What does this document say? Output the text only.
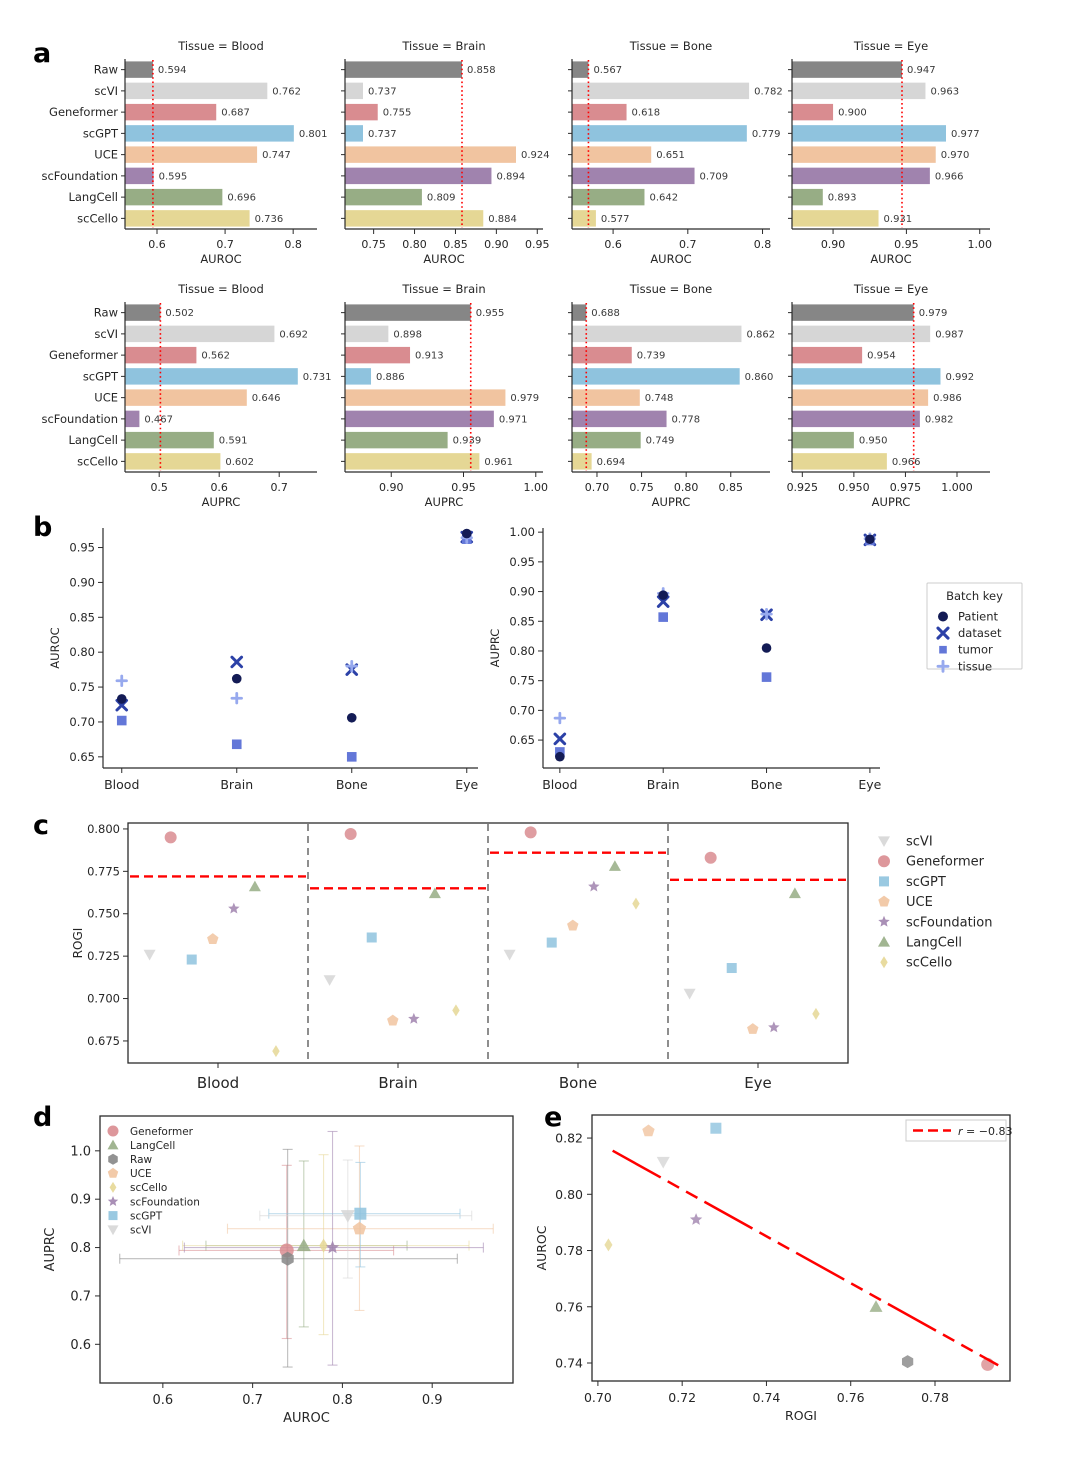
a
b
c
d	e
Tissue = Blood
0.594
Raw
0.762
scVI
0.687
Geneformer
0.801
scGPT
0.747
UCE
0.595
scFoundation
0.696
LangCell
0.736
scCello
0.6	0.7	0.8
AUROC
Tissue = Brain
0.858
0.737
0.755
0.737
0.924
0.894
0.809
0.884
0.75 0.80 0.85 0.90 0.95
AUROC
Tissue = Bone
0.567
0.782
0.618
0.779
0.651
0.709
0.642
0.577
0.6	0.7	0.8
AUROC
Tissue = Eye
0.947
0.963
0.900
0.977
0.970
0.966
0.893
0.931
0.90	0.95	1.00
AUROC
Tissue = Blood
0.502
Raw
0.692
scVI
0.562
Geneformer
0.731
scGPT
0.646
UCE
0.467
scFoundation
0.591
LangCell
0.602
scCello
0.5	0.6	0.7
AUPRC
Tissue = Brain
0.955
0.898
0.913
0.886
0.979
0.971
0.939
0.961
0.90	0.95	1.00
AUPRC
Tissue = Bone
0.688
0.862
0.739
0.860
0.748
0.778
0.749
0.694
0.70 0.75 0.80 0.85
AUPRC
Tissue = Eye
0.979
0.987
0.954
0.992
0.986
0.982
0.950
0.966
0.925 0.950 0.975 1.000
AUPRC
0.65
0.70
0.75
0.80
0.85
0.90
0.95
AUROC
Blood	Brain	Bone	Eye
0.65
0.70
0.75
0.80
0.85
0.90
0.95
1.00
AUPRC
Blood	Brain	Bone	Eye
Batch key
Patient
dataset
tumor
tissue
0.675
0.700
0.725
0.750
0.775
0.800
ROGI
Blood	Brain	Bone	Eye
scVI
Geneformer
scGPT
UCE
scFoundation
LangCell
scCello
0.6	0.7	0.8	0.9
0.6
0.7
0.8
0.9
1.0
AUROC
AUPRC
Geneformer
LangCell
Raw
UCE
scCello
scFoundation
scGPT
scVI
0.70	0.72	0.74	0.76	0.78
0.74
0.76
0.78
0.80
0.82
ROGI
AUROC
r = −0.83
